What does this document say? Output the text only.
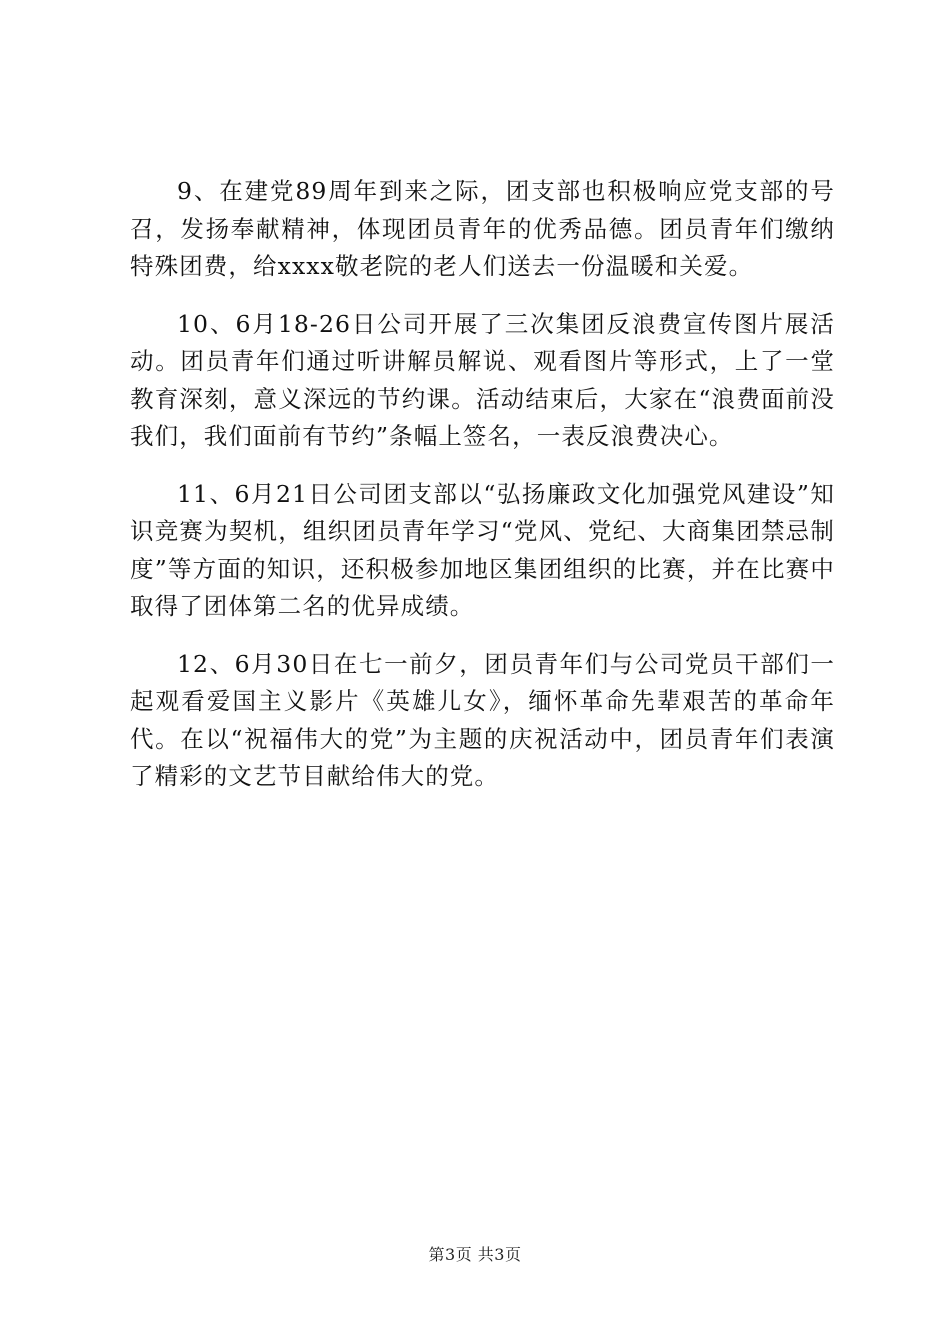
9、在建党89周年到来之际，团支部也积极响应党支部的号召，发扬奉献精神，体现团员青年的优秀品德。团员青年们缴纳特殊团费，给xxxx敬老院的老人们送去一份温暖和关爱。

10、6月18-26日公司开展了三次集团反浪费宣传图片展活动。团员青年们通过听讲解员解说、观看图片等形式，上了一堂教育深刻，意义深远的节约课。活动结束后，大家在“浪费面前没我们，我们面前有节约”条幅上签名，一表反浪费决心。

11、6月21日公司团支部以“弘扬廉政文化加强党风建设”知识竞赛为契机，组织团员青年学习“党风、党纪、大商集团禁忌制度”等方面的知识，还积极参加地区集团组织的比赛，并在比赛中取得了团体第二名的优异成绩。

12、6月30日在七一前夕，团员青年们与公司党员干部们一起观看爱国主义影片《英雄儿女》，缅怀革命先辈艰苦的革命年代。在以“祝福伟大的党”为主题的庆祝活动中，团员青年们表演了精彩的文艺节目献给伟大的党。

第3页 共3页
